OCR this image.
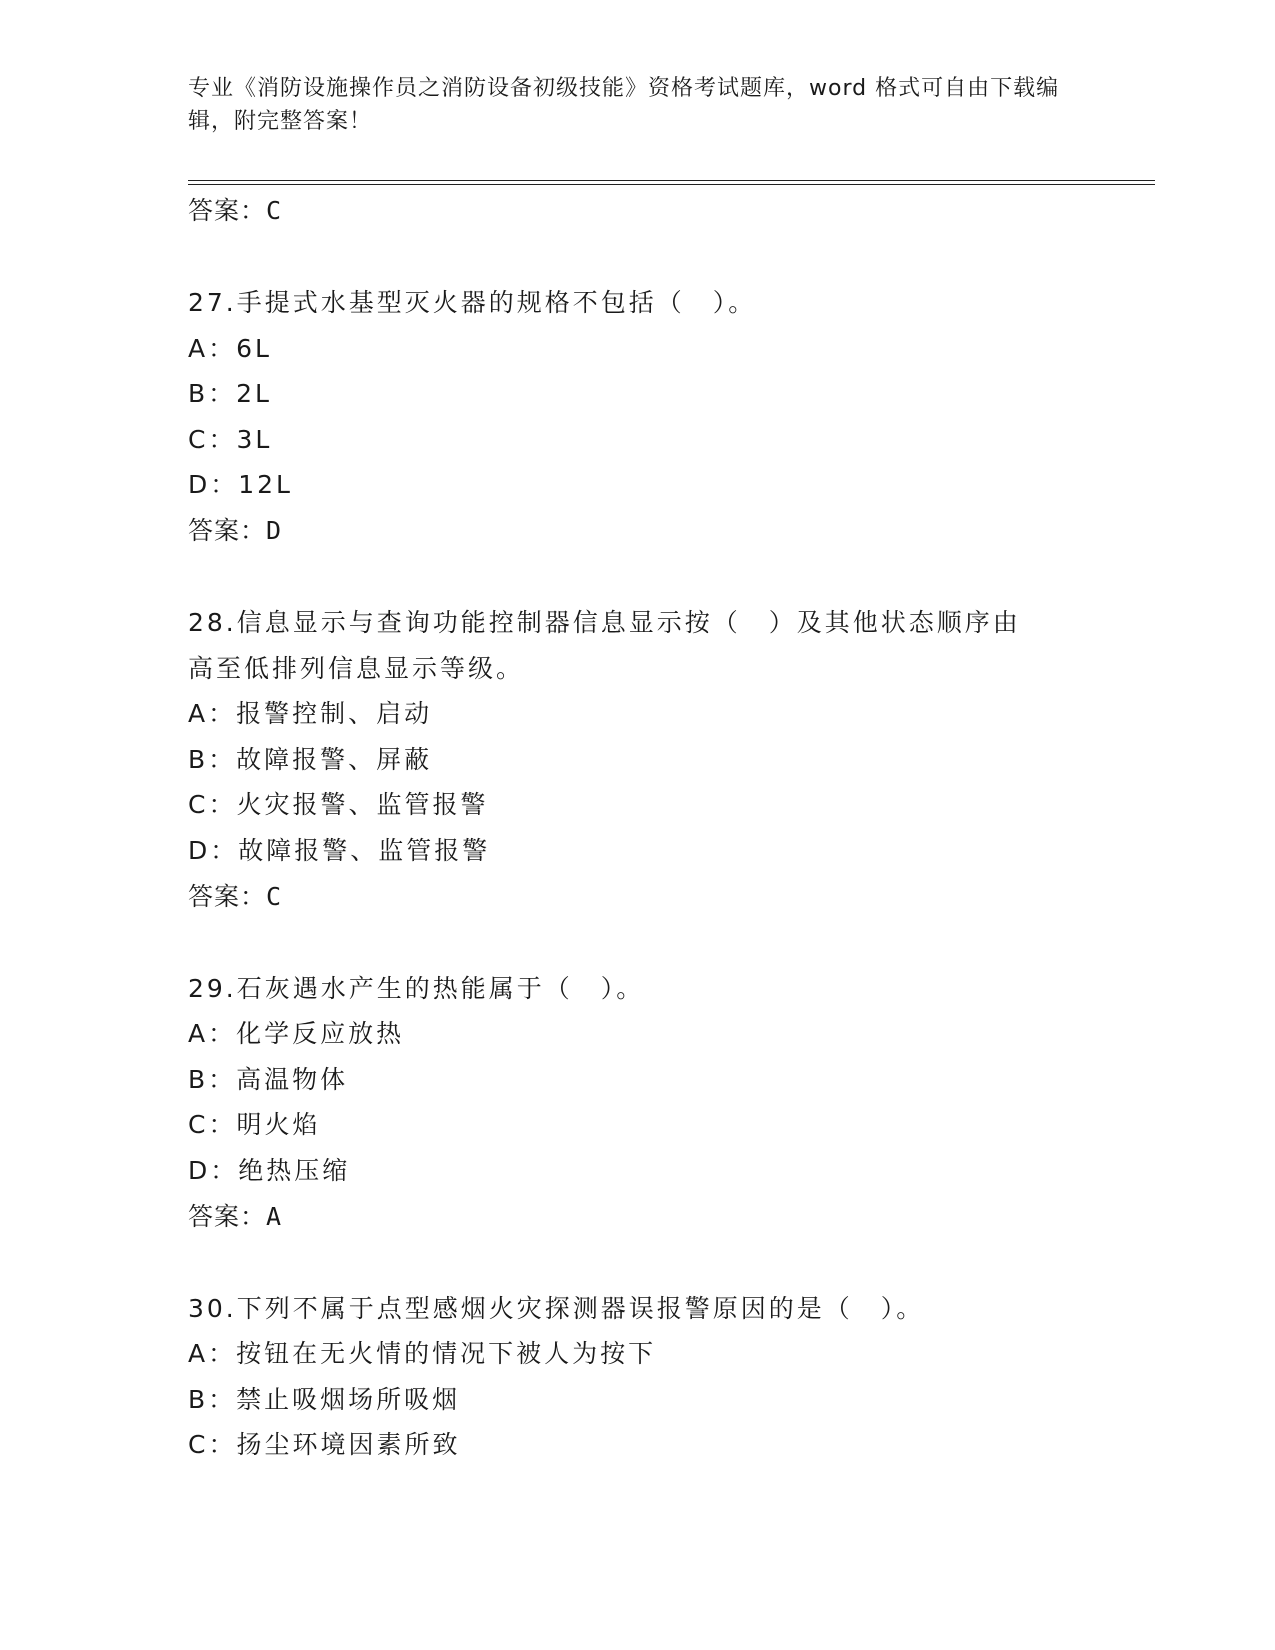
专业《消防设施操作员之消防设备初级技能》资格考试题库，word 格式可自由下载编辑，附完整答案！
答案：C
27.手提式水基型灭火器的规格不包括（　）。
A：6L
B：2L
C：3L
D：12L
答案：D
28.信息显示与查询功能控制器信息显示按（　）及其他状态顺序由高至低排列信息显示等级。
A：报警控制、启动
B：故障报警、屏蔽
C：火灾报警、监管报警
D：故障报警、监管报警
答案：C
29.石灰遇水产生的热能属于（　）。
A：化学反应放热
B：高温物体
C：明火焰
D：绝热压缩
答案：A
30.下列不属于点型感烟火灾探测器误报警原因的是（　）。
A：按钮在无火情的情况下被人为按下
B：禁止吸烟场所吸烟
C：扬尘环境因素所致
